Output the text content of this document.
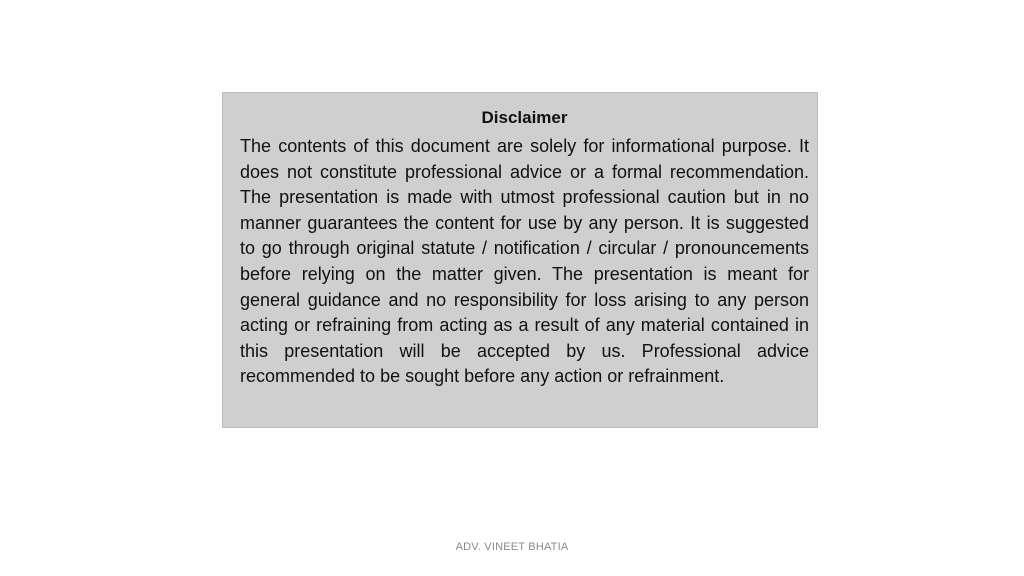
Disclaimer

The contents of this document are solely for informational purpose. It does not constitute professional advice or a formal recommendation. The presentation is made with utmost professional caution but in no manner guarantees the content for use by any person. It is suggested to go through original statute / notification / circular / pronouncements before relying on the matter given. The presentation is meant for general guidance and no responsibility for loss arising to any person acting or refraining from acting as a result of any material contained in this presentation will be accepted by us. Professional advice recommended to be sought before any action or refrainment.

ADV. VINEET BHATIA
